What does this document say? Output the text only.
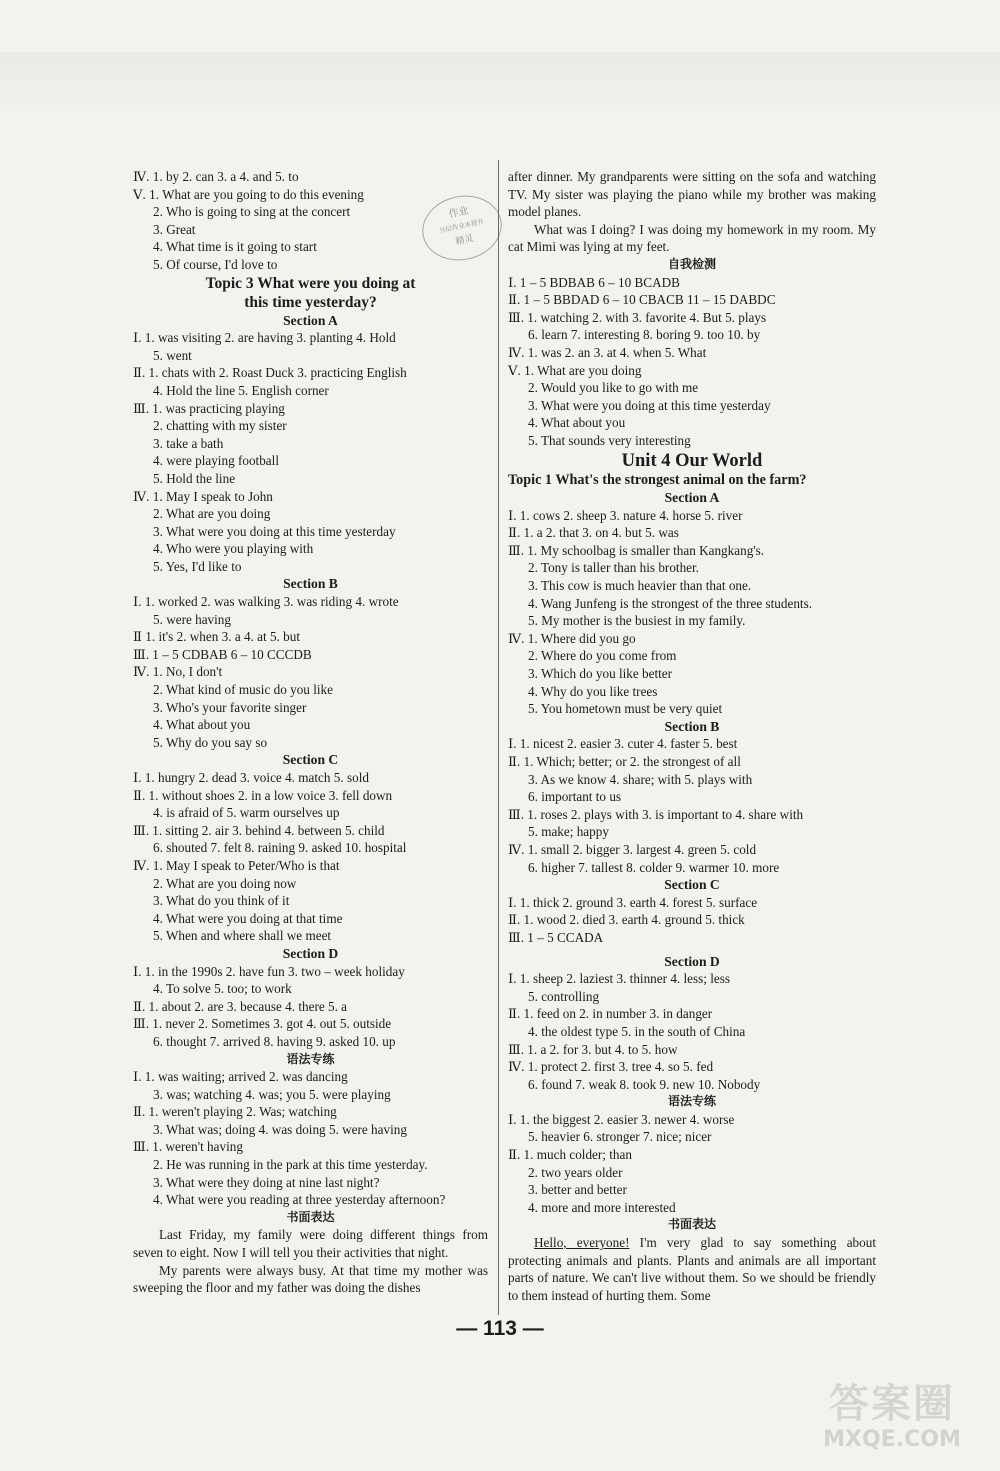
作业
分层作业本提升
精灵
Ⅳ. 1. by 2. can 3. a 4. and 5. to
Ⅴ. 1. What are you going to do this evening
2. Who is going to sing at the concert
3. Great
4. What time is it going to start
5. Of course, I'd love to
Topic 3 What were you doing at
this time yesterday?
Section A
Ⅰ. 1. was visiting 2. are having 3. planting 4. Hold
5. went
Ⅱ. 1. chats with 2. Roast Duck 3. practicing English
4. Hold the line 5. English corner
Ⅲ. 1. was practicing playing
2. chatting with my sister
3. take a bath
4. were playing football
5. Hold the line
Ⅳ. 1. May I speak to John
2. What are you doing
3. What were you doing at this time yesterday
4. Who were you playing with
5. Yes, I'd like to
Section B
Ⅰ. 1. worked 2. was walking 3. was riding 4. wrote
5. were having
Ⅱ 1. it's 2. when 3. a 4. at 5. but
Ⅲ. 1 – 5 CDBAB 6 – 10 CCCDB
Ⅳ. 1. No, I don't
2. What kind of music do you like
3. Who's your favorite singer
4. What about you
5. Why do you say so
Section C
Ⅰ. 1. hungry 2. dead 3. voice 4. match 5. sold
Ⅱ. 1. without shoes 2. in a low voice 3. fell down
4. is afraid of 5. warm ourselves up
Ⅲ. 1. sitting 2. air 3. behind 4. between 5. child
6. shouted 7. felt 8. raining 9. asked 10. hospital
Ⅳ. 1. May I speak to Peter/Who is that
2. What are you doing now
3. What do you think of it
4. What were you doing at that time
5. When and where shall we meet
Section D
Ⅰ. 1. in the 1990s 2. have fun 3. two – week holiday
4. To solve 5. too; to work
Ⅱ. 1. about 2. are 3. because 4. there 5. a
Ⅲ. 1. never 2. Sometimes 3. got 4. out 5. outside
6. thought 7. arrived 8. having 9. asked 10. up
语法专练
Ⅰ. 1. was waiting; arrived 2. was dancing
3. was; watching 4. was; you 5. were playing
Ⅱ. 1. weren't playing 2. Was; watching
3. What was; doing 4. was doing 5. were having
Ⅲ. 1. weren't having
2. He was running in the park at this time yesterday.
3. What were they doing at nine last night?
4. What were you reading at three yesterday afternoon?
书面表达
Last Friday, my family were doing different things from seven to eight. Now I will tell you their activities that night.
My parents were always busy. At that time my mother was sweeping the floor and my father was doing the dishes
after dinner. My grandparents were sitting on the sofa and watching TV. My sister was playing the piano while my brother was making model planes.
What was I doing? I was doing my homework in my room. My cat Mimi was lying at my feet.
自我检测
Ⅰ. 1 – 5 BDBAB 6 – 10 BCADB
Ⅱ. 1 – 5 BBDAD 6 – 10 CBACB 11 – 15 DABDC
Ⅲ. 1. watching 2. with 3. favorite 4. But 5. plays
6. learn 7. interesting 8. boring 9. too 10. by
Ⅳ. 1. was 2. an 3. at 4. when 5. What
Ⅴ. 1. What are you doing
2. Would you like to go with me
3. What were you doing at this time yesterday
4. What about you
5. That sounds very interesting
Unit 4 Our World
Topic 1 What's the strongest animal on the farm?
Section A
Ⅰ. 1. cows 2. sheep 3. nature 4. horse 5. river
Ⅱ. 1. a 2. that 3. on 4. but 5. was
Ⅲ. 1. My schoolbag is smaller than Kangkang's.
2. Tony is taller than his brother.
3. This cow is much heavier than that one.
4. Wang Junfeng is the strongest of the three students.
5. My mother is the busiest in my family.
Ⅳ. 1. Where did you go
2. Where do you come from
3. Which do you like better
4. Why do you like trees
5. You hometown must be very quiet
Section B
Ⅰ. 1. nicest 2. easier 3. cuter 4. faster 5. best
Ⅱ. 1. Which; better; or 2. the strongest of all
3. As we know 4. share; with 5. plays with
6. important to us
Ⅲ. 1. roses 2. plays with 3. is important to 4. share with
5. make; happy
Ⅳ. 1. small 2. bigger 3. largest 4. green 5. cold
6. higher 7. tallest 8. colder 9. warmer 10. more
Section C
Ⅰ. 1. thick 2. ground 3. earth 4. forest 5. surface
Ⅱ. 1. wood 2. died 3. earth 4. ground 5. thick
Ⅲ. 1 – 5 CCADA
Section D
Ⅰ. 1. sheep 2. laziest 3. thinner 4. less; less
5. controlling
Ⅱ. 1. feed on 2. in number 3. in danger
4. the oldest type 5. in the south of China
Ⅲ. 1. a 2. for 3. but 4. to 5. how
Ⅳ. 1. protect 2. first 3. tree 4. so 5. fed
6. found 7. weak 8. took 9. new 10. Nobody
语法专练
Ⅰ. 1. the biggest 2. easier 3. newer 4. worse
5. heavier 6. stronger 7. nice; nicer
Ⅱ. 1. much colder; than
2. two years older
3. better and better
4. more and more interested
书面表达
Hello, everyone! I'm very glad to say something about protecting animals and plants. Plants and animals are all important parts of nature. We can't live without them. So we should be friendly to them instead of hurting them. Some
— 113 —
答案圈
MXQE.COM
